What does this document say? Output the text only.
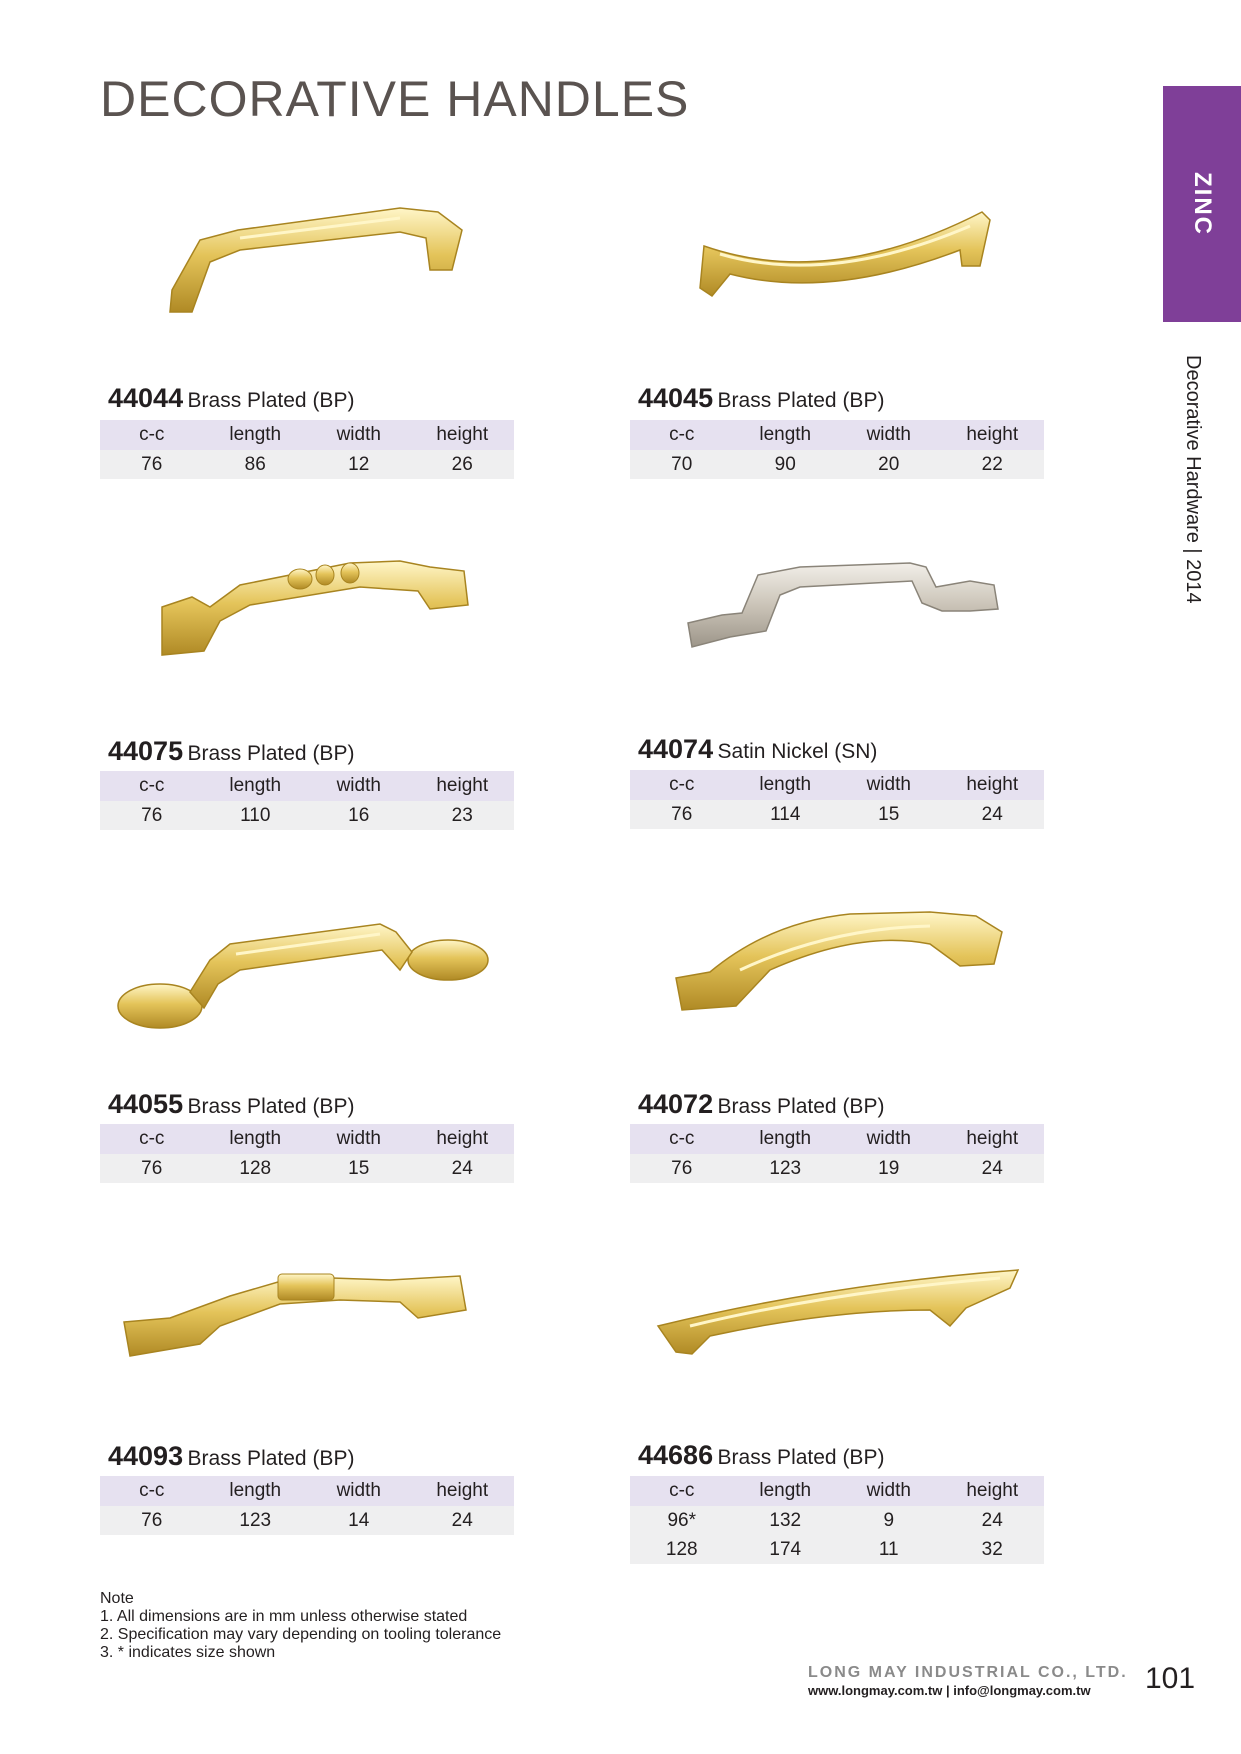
DECORATIVE HANDLES
ZINC
Decorative Hardware | 2014
44044 Brass Plated (BP)
c-c	length	width	height
76	86	12	26
44045 Brass Plated (BP)
c-c	length	width	height
70	90	20	22
44075 Brass Plated (BP)
c-c	length	width	height
76	110	16	23
44074 Satin Nickel (SN)
c-c	length	width	height
76	114	15	24
44055 Brass Plated (BP)
c-c	length	width	height
76	128	15	24
44072 Brass Plated (BP)
c-c	length	width	height
76	123	19	24
44093 Brass Plated (BP)
c-c	length	width	height
76	123	14	24
44686 Brass Plated (BP)
c-c	length	width	height
96*	132	9	24
128	174	11	32
Note
1. All dimensions are in mm unless otherwise stated
2. Specification may vary depending on tooling tolerance
3. * indicates size shown
LONG MAY INDUSTRIAL CO., LTD.
www.longmay.com.tw | info@longmay.com.tw 101
